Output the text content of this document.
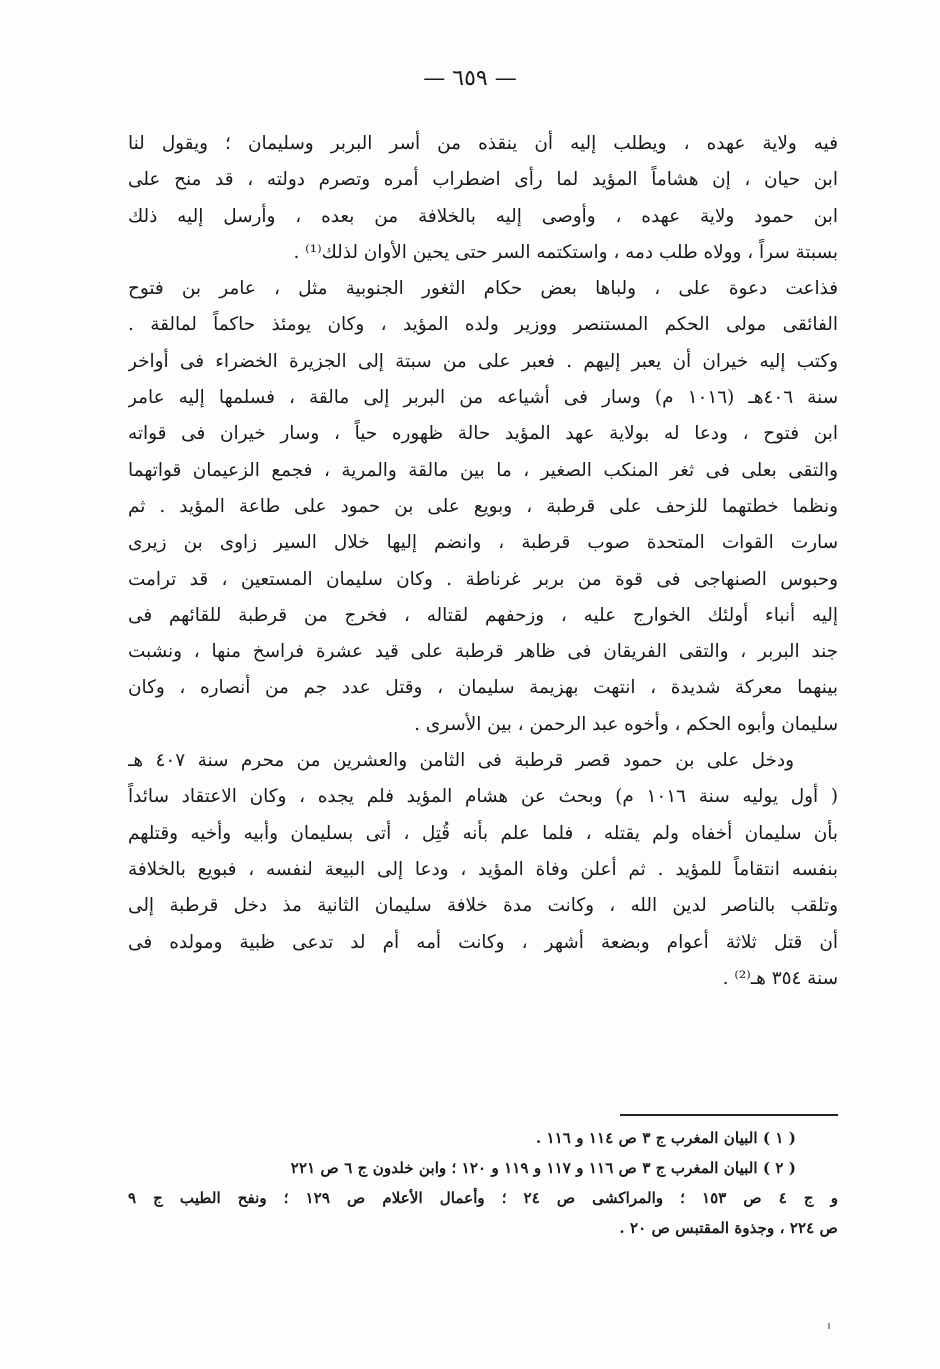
— ٦٥٩ —
فيه ولاية عهده ، ويطلب إليه أن ينقذه من أسر البربر وسليمان ؛ ويقول لنا
ابن حيان ، إن هشاماً المؤيد لما رأى اضطراب أمره وتصرم دولته ، قد منح على
ابن حمود ولاية عهده ، وأوصى إليه بالخلافة من بعده ، وأرسل إليه ذلك
بسبتة سراً ، وولاه طلب دمه ، واستكتمه السر حتى يحين الأوان لذلك⁽¹⁾ .
فذاعت دعوة على ، ولباها بعض حكام الثغور الجنوبية مثل ، عامر بن فتوح
الفائقى مولى الحكم المستنصر ووزير ولده المؤيد ، وكان يومئذ حاكماً لمالقة .
وكتب إليه خيران أن يعبر إليهم . فعبر على من سبتة إلى الجزيرة الخضراء فى أواخر
سنة ٤٠٦هـ (١٠١٦ م) وسار فى أشياعه من البربر إلى مالقة ، فسلمها إليه عامر
ابن فتوح ، ودعا له بولاية عهد المؤيد حالة ظهوره حياً ، وسار خيران فى قواته
والتقى بعلى فى ثغر المنكب الصغير ، ما بين مالقة والمرية ، فجمع الزعيمان قواتهما
ونظما خطتهما للزحف على قرطبة ، وبويع على بن حمود على طاعة المؤيد . ثم
سارت القوات المتحدة صوب قرطبة ، وانضم إليها خلال السير زاوى بن زيرى
وحبوس الصنهاجى فى قوة من بربر غرناطة . وكان سليمان المستعين ، قد ترامت
إليه أنباء أولئك الخوارج عليه ، وزحفهم لقتاله ، فخرج من قرطبة للقائهم فى
جند البربر ، والتقى الفريقان فى ظاهر قرطبة على قيد عشرة فراسخ منها ، ونشبت
بينهما معركة شديدة ، انتهت بهزيمة سليمان ، وقتل عدد جم من أنصاره ، وكان
سليمان وأبوه الحكم ، وأخوه عبد الرحمن ، بين الأسرى .
ودخل على بن حمود قصر قرطبة فى الثامن والعشرين من محرم سنة ٤٠٧ هـ
( أول يوليه سنة ١٠١٦ م) وبحث عن هشام المؤيد فلم يجده ، وكان الاعتقاد سائداً
بأن سليمان أخفاه ولم يقتله ، فلما علم بأنه قُتِل ، أتى بسليمان وأبيه وأخيه وقتلهم
بنفسه انتقاماً للمؤيد . ثم أعلن وفاة المؤيد ، ودعا إلى البيعة لنفسه ، فبويع بالخلافة
وتلقب بالناصر لدين الله ، وكانت مدة خلافة سليمان الثانية مذ دخل قرطبة إلى
أن قتل ثلاثة أعوام وبضعة أشهر ، وكانت أمه أم لد تدعى ظبية ومولده فى
سنة ٣٥٤ هـ⁽²⁾ .
( ١ ) البيان المغرب ج ٣ ص ١١٤ و ١١٦ .
( ٢ ) البيان المغرب ج ٣ ص ١١٦ و ١١٧ و ١١٩ و ١٢٠ ؛ وابن خلدون ج ٦ ص ٢٢١
و ج ٤ ص ١٥٣ ؛ والمراكشى ص ٢٤ ؛ وأعمال الأعلام ص ١٢٩ ؛ ونفح الطيب ج ٩
ص ٢٢٤ ، وجذوة المقتبس ص ٢٠ .
